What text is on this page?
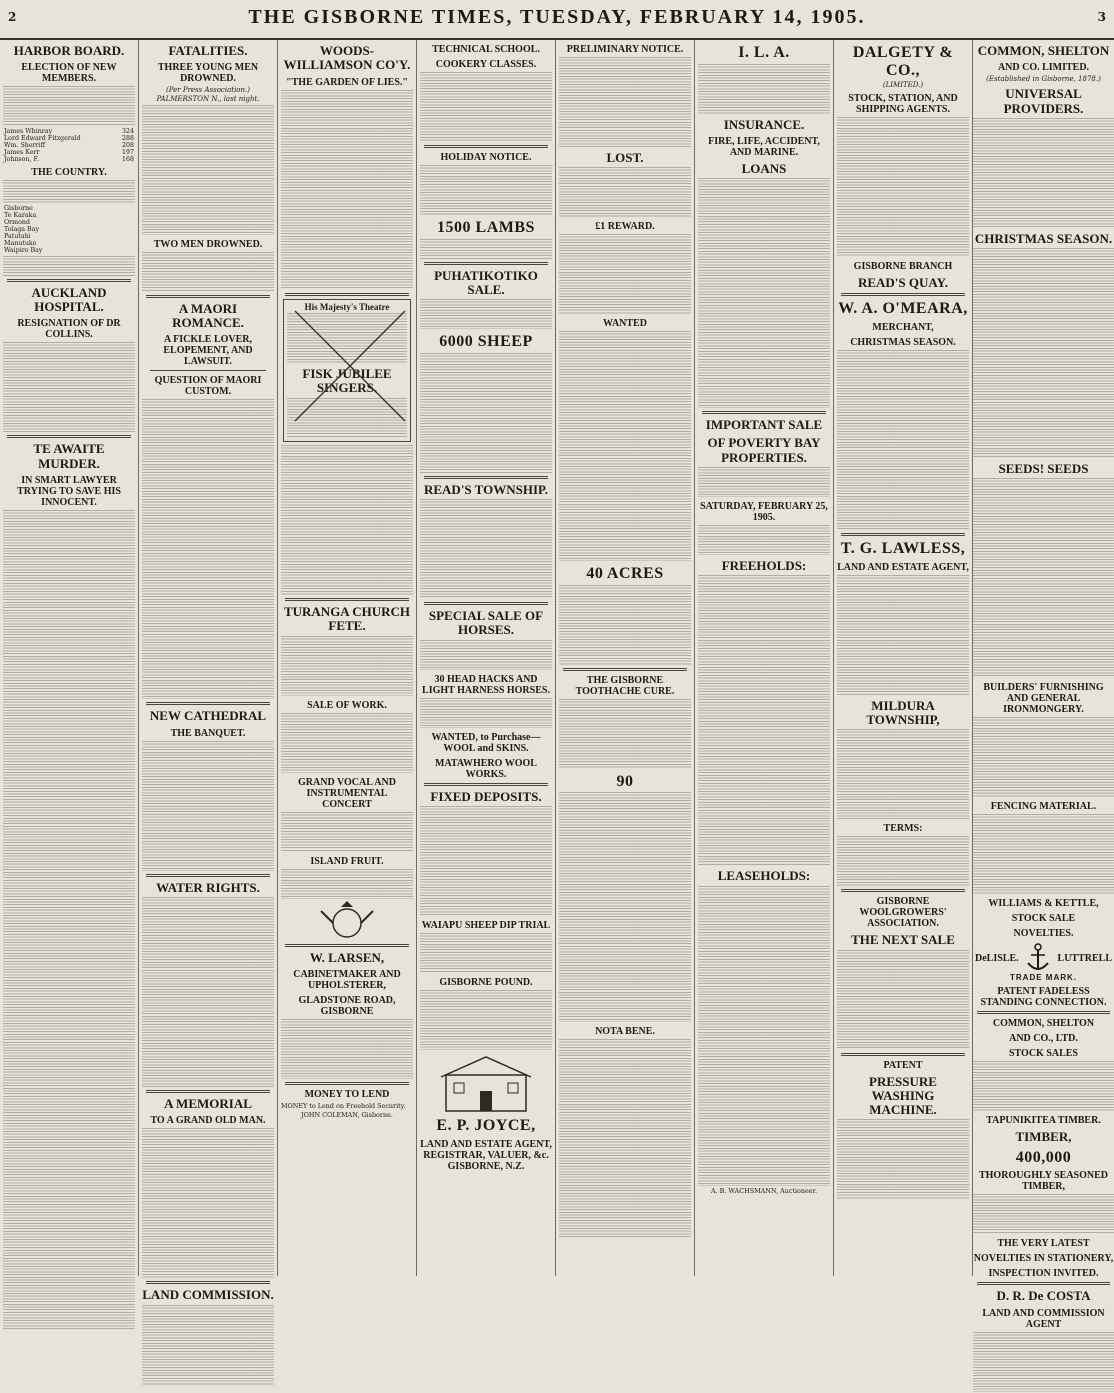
2	THE GISBORNE TIMES, TUESDAY, FEBRUARY 14, 1905.	3
HARBOR BOARD.
ELECTION OF NEW MEMBERS.
James Whinray	324
Lord Edward Fitzgerald	288
Wm. Sherriff	208
James Kerr	197
Johnson, F.	168
THE COUNTRY.
Gisborne
Te Karaka
Ormond
Tolaga Bay
Patutahi
Manutuke
Waipiro Bay
AUCKLAND HOSPITAL.
RESIGNATION OF DR COLLINS.
TE AWAITE MURDER.
IN SMART LAWYER TRYING TO SAVE HIS INNOCENT.
FATALITIES.
THREE YOUNG MEN DROWNED.
(Per Press Association.)
PALMERSTON N., last night.
TWO MEN DROWNED.
A MAORI ROMANCE.
A FICKLE LOVER, ELOPEMENT, AND LAWSUIT.
QUESTION OF MAORI CUSTOM.
NEW CATHEDRAL
THE BANQUET.
WATER RIGHTS.
A MEMORIAL
TO A GRAND OLD MAN.
LAND COMMISSION.
WOODS-WILLIAMSON CO'Y.
"THE GARDEN OF LIES."
His Majesty's Theatre
FISK JUBILEE SINGERS.
TURANGA CHURCH FETE.
SALE OF WORK.
GRAND VOCAL AND INSTRUMENTAL CONCERT
ISLAND FRUIT.
W. LARSEN,
CABINETMAKER AND UPHOLSTERER,
GLADSTONE ROAD, GISBORNE
MONEY TO LEND
MONEY to Lend on Freehold Security.
JOHN COLEMAN, Gisborne.
TECHNICAL SCHOOL.
COOKERY CLASSES.
HOLIDAY NOTICE.
1500 LAMBS
PUHATIKOTIKO SALE.
6000 SHEEP
READ'S TOWNSHIP.
SPECIAL SALE OF HORSES.
30 HEAD HACKS AND LIGHT HARNESS HORSES.
WANTED, to Purchase—WOOL and SKINS.
MATAWHERO WOOL WORKS.
FIXED DEPOSITS.
WAIAPU SHEEP DIP TRIAL
GISBORNE POUND.
E. P. JOYCE,
LAND AND ESTATE AGENT, REGISTRAR, VALUER, &c. GISBORNE, N.Z.
PRELIMINARY NOTICE.
LOST.
£1 REWARD.
WANTED
40 ACRES
THE GISBORNE TOOTHACHE CURE.
90
NOTA BENE.
I. L. A.
INSURANCE.
FIRE, LIFE, ACCIDENT, AND MARINE.
LOANS
IMPORTANT SALE
OF POVERTY BAY PROPERTIES.
SATURDAY, FEBRUARY 25, 1905.
FREEHOLDS:
LEASEHOLDS:
A. B. WACHSMANN, Auctioneer.
DALGETY & CO.,
(LIMITED.)
STOCK, STATION, AND SHIPPING AGENTS.
GISBORNE BRANCH
READ'S QUAY.
W. A. O'MEARA,
MERCHANT,
CHRISTMAS SEASON.
T. G. LAWLESS,
LAND AND ESTATE AGENT,
MILDURA TOWNSHIP,
TERMS:
GISBORNE WOOLGROWERS' ASSOCIATION.
THE NEXT SALE
PATENT
PRESSURE WASHING MACHINE.
COMMON, SHELTON
AND CO. LIMITED.
(Established in Gisborne, 1878.)
UNIVERSAL PROVIDERS.
CHRISTMAS SEASON.
SEEDS! SEEDS
BUILDERS' FURNISHING AND GENERAL IRONMONGERY.
FENCING MATERIAL.
WILLIAMS & KETTLE,
STOCK SALE
NOVELTIES.
DeLISLE.	LUTTRELL
TRADE MARK.
PATENT FADELESS STANDING CONNECTION.
COMMON, SHELTON
AND CO., LTD.
STOCK SALES
TAPUNIKITEA TIMBER.
TIMBER,
400,000
THOROUGHLY SEASONED TIMBER,
THE VERY LATEST
NOVELTIES IN STATIONERY,
INSPECTION INVITED.
D. R. De COSTA
LAND AND COMMISSION AGENT
